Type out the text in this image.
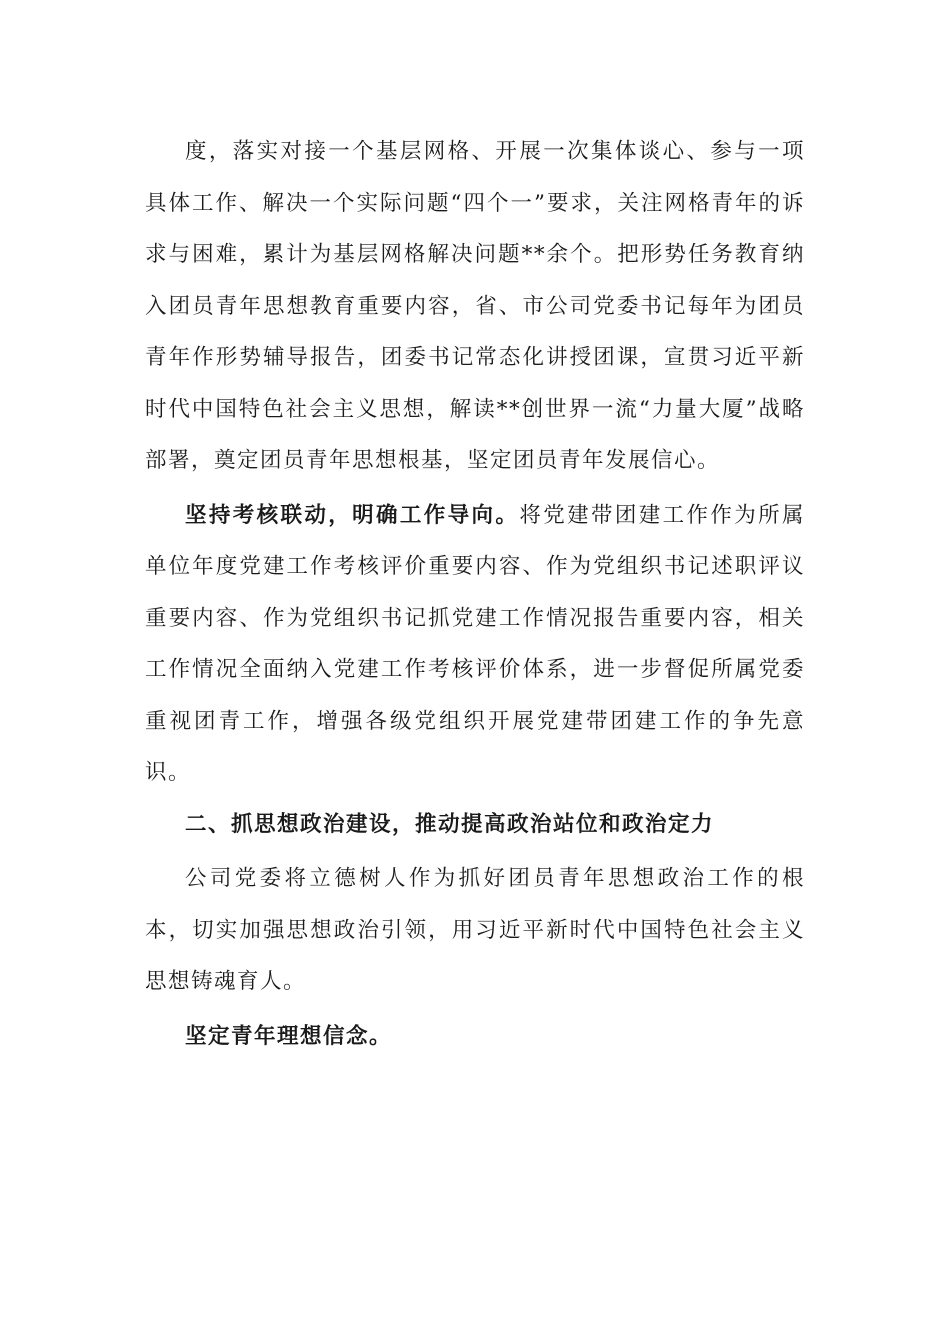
度，落实对接一个基层网格、开展一次集体谈心、参与一项具体工作、解决一个实际问题“四个一”要求，关注网格青年的诉求与困难，累计为基层网格解决问题**余个。把形势任务教育纳入团员青年思想教育重要内容，省、市公司党委书记每年为团员青年作形势辅导报告，团委书记常态化讲授团课，宣贯习近平新时代中国特色社会主义思想，解读**创世界一流“力量大厦”战略部署，奠定团员青年思想根基，坚定团员青年发展信心。

坚持考核联动，明确工作导向。将党建带团建工作作为所属单位年度党建工作考核评价重要内容、作为党组织书记述职评议重要内容、作为党组织书记抓党建工作情况报告重要内容，相关工作情况全面纳入党建工作考核评价体系，进一步督促所属党委重视团青工作，增强各级党组织开展党建带团建工作的争先意识。

二、抓思想政治建设，推动提高政治站位和政治定力

公司党委将立德树人作为抓好团员青年思想政治工作的根本，切实加强思想政治引领，用习近平新时代中国特色社会主义思想铸魂育人。

坚定青年理想信念。
